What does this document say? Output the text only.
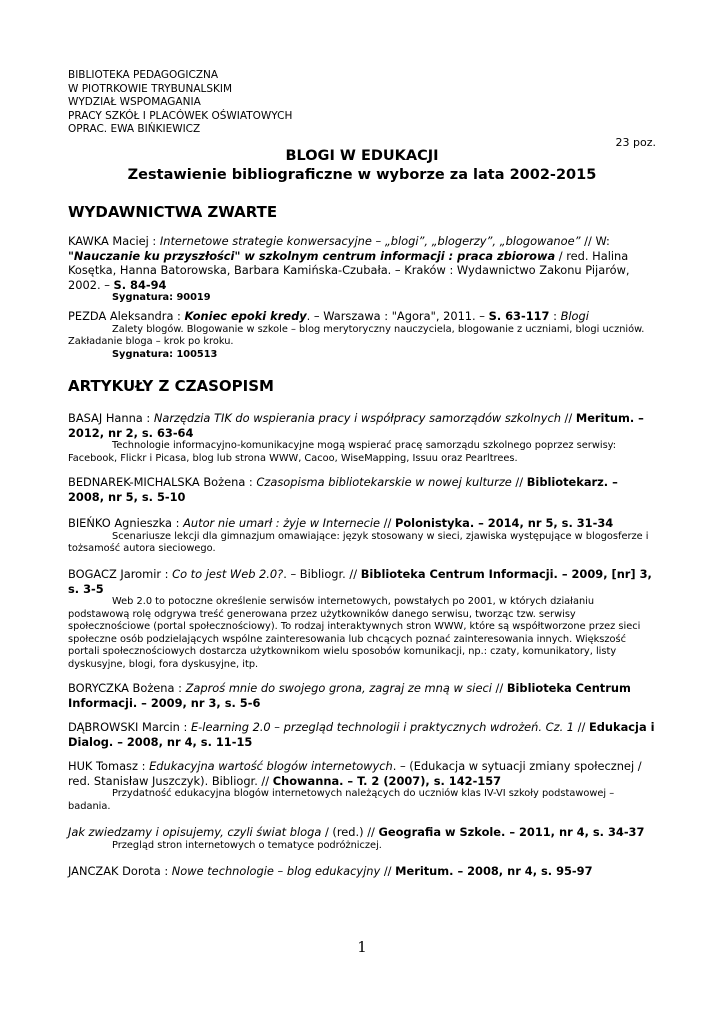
BIBLIOTEKA PEDAGOGICZNA
W PIOTRKOWIE TRYBUNALSKIM
WYDZIAŁ WSPOMAGANIA
PRACY SZKÓŁ I PLACÓWEK OŚWIATOWYCH
OPRAC. EWA BIŃKIEWICZ
23 poz.
BLOGI W EDUKACJI
Zestawienie bibliograficzne w wyborze za lata 2002-2015
WYDAWNICTWA ZWARTE
KAWKA Maciej : Internetowe strategie konwersacyjne – „blogi”, „blogerzy”, „blogowanoe” // W: "Nauczanie ku przyszłości" w szkolnym centrum informacji : praca zbiorowa / red. Halina Kosętka, Hanna Batorowska, Barbara Kamińska-Czubała. – Kraków : Wydawnictwo Zakonu Pijarów, 2002. – S. 84-94
Sygnatura: 90019
PEZDA Aleksandra : Koniec epoki kredy. – Warszawa : "Agora", 2011. – S. 63-117 : Blogi
Zalety blogów. Blogowanie w szkole – blog merytoryczny nauczyciela, blogowanie z uczniami, blogi uczniów. Zakładanie bloga – krok po kroku.
Sygnatura: 100513
ARTYKUŁY Z CZASOPISM
BASAJ Hanna : Narzędzia TIK do wspierania pracy i współpracy samorządów szkolnych // Meritum. – 2012, nr 2, s. 63-64
Technologie informacyjno-komunikacyjne mogą wspierać pracę samorządu szkolnego poprzez serwisy: Facebook, Flickr i Picasa, blog lub strona WWW, Cacoo, WiseMapping, Issuu oraz Pearltrees.
BEDNAREK-MICHALSKA Bożena : Czasopisma bibliotekarskie w nowej kulturze // Bibliotekarz. – 2008, nr 5, s. 5-10
BIEŃKO Agnieszka : Autor nie umarł : żyje w Internecie // Polonistyka. – 2014, nr 5, s. 31-34
Scenariusze lekcji dla gimnazjum omawiające: język stosowany w sieci, zjawiska występujące w blogosferze i tożsamość autora sieciowego.
BOGACZ Jaromir : Co to jest Web 2.0?. – Bibliogr. // Biblioteka Centrum Informacji. – 2009, [nr] 3, s. 3-5
Web 2.0 to potoczne określenie serwisów internetowych, powstałych po 2001, w których działaniu podstawową rolę odgrywa treść generowana przez użytkowników danego serwisu, tworząc tzw. serwisy społecznościowe (portal społecznościowy). To rodzaj interaktywnych stron WWW, które są współtworzone przez sieci społeczne osób podzielających wspólne zainteresowania lub chcących poznać zainteresowania innych. Większość portali społecznościowych dostarcza użytkownikom wielu sposobów komunikacji, np.: czaty, komunikatory, listy dyskusyjne, blogi, fora dyskusyjne, itp.
BORYCZKA Bożena : Zaproś mnie do swojego grona, zagraj ze mną w sieci // Biblioteka Centrum Informacji. – 2009, nr 3, s. 5-6
DĄBROWSKI Marcin : E-learning 2.0 – przegląd technologii i praktycznych wdrożeń. Cz. 1 // Edukacja i Dialog. – 2008, nr 4, s. 11-15
HUK Tomasz : Edukacyjna wartość blogów internetowych. – (Edukacja w sytuacji zmiany społecznej / red. Stanisław Juszczyk). Bibliogr. // Chowanna. – T. 2 (2007), s. 142-157
Przydatność edukacyjna blogów internetowych należących do uczniów klas IV-VI szkoły podstawowej – badania.
Jak zwiedzamy i opisujemy, czyli świat bloga / (red.) // Geografia w Szkole. – 2011, nr 4, s. 34-37
Przegląd stron internetowych o tematyce podróżniczej.
JANCZAK Dorota : Nowe technologie – blog edukacyjny // Meritum. – 2008, nr 4, s. 95-97
1
